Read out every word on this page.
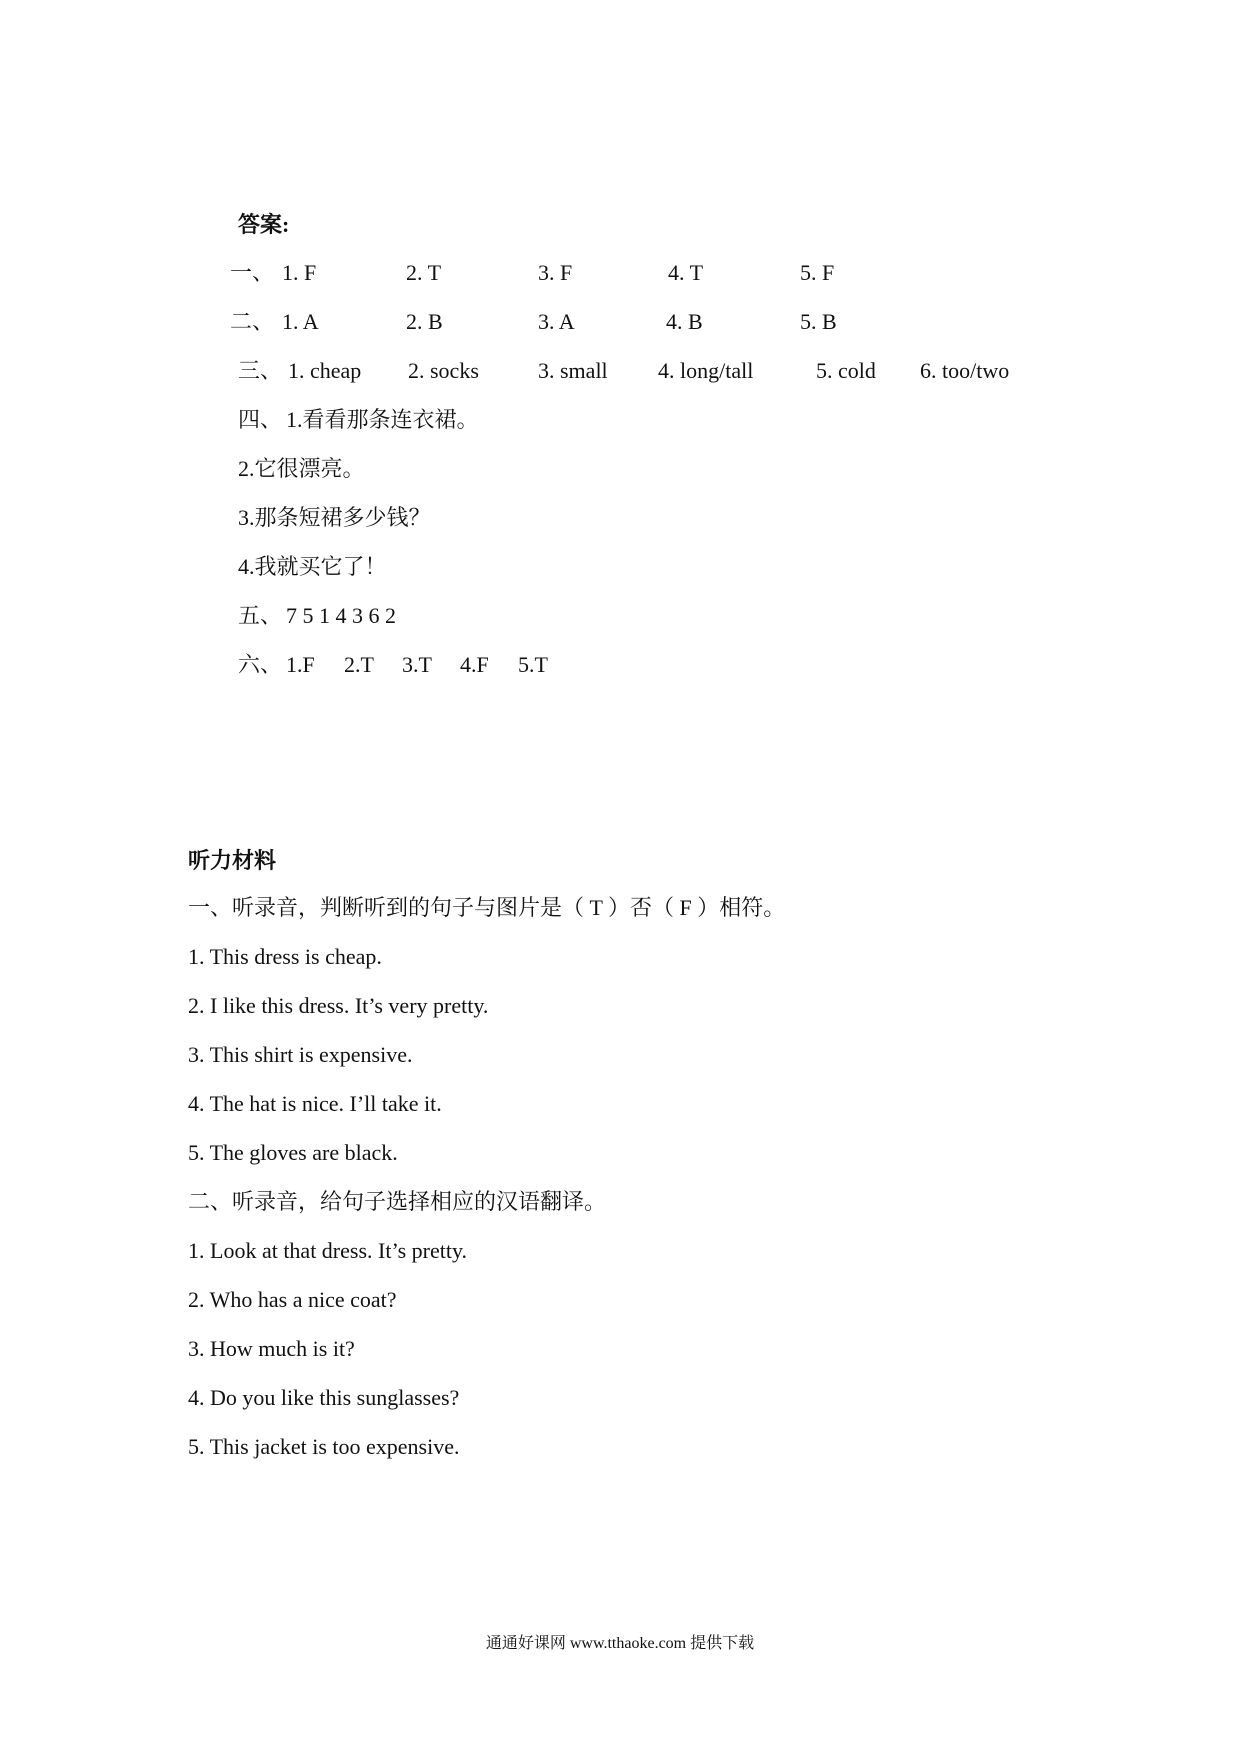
答案:
一、 1. F	2. T	3. F	4. T	5. F
二、 1. A	2. B	3. A	4. B	5. B
三、 1. cheap 2. socks	3. small 4. long/tall	5. cold 6. too/two
四、 1.看看那条连衣裙。
2.它很漂亮。
3.那条短裙多少钱？
4.我就买它了！
五、 7 5 1 4 3 6 2
六、 1.F 2.T 3.T 4.F 5.T
听力材料
一、听录音，判断听到的句子与图片是（ T ）否（ F ）相符。
1. This dress is cheap.
2. I like this dress. It’s very pretty.
3. This shirt is expensive.
4. The hat is nice. I’ll take it.
5. The gloves are black.
二、听录音，给句子选择相应的汉语翻译。
1. Look at that dress. It’s pretty.
2. Who has a nice coat?
3. How much is it?
4. Do you like this sunglasses?
5. This jacket is too expensive.
通通好课网 www.tthaoke.com 提供下载
